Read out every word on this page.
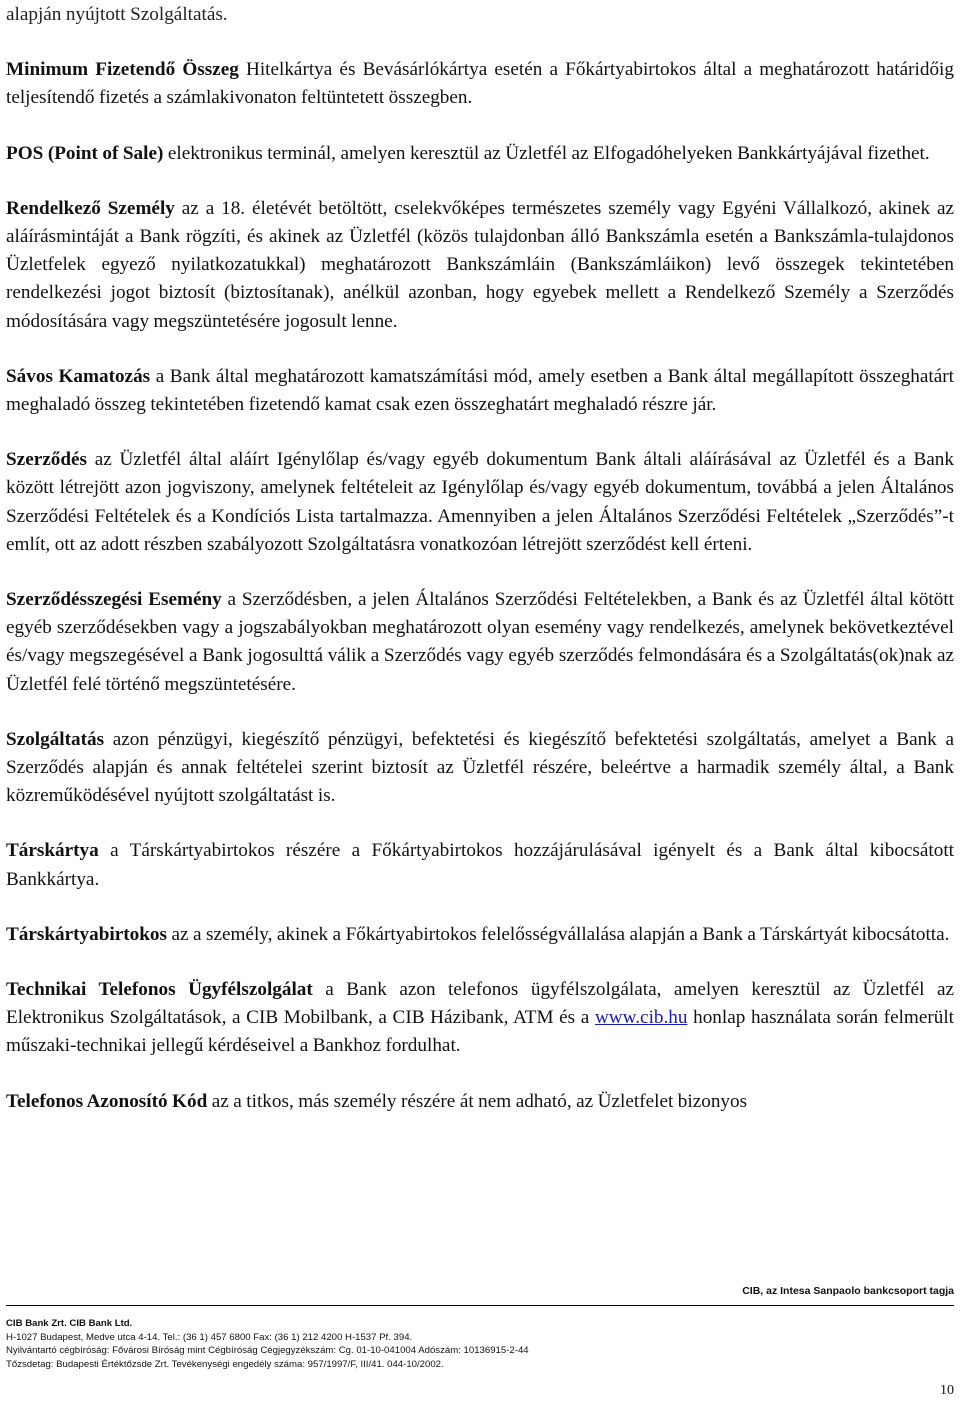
alapján nyújtott Szolgáltatás.

Minimum Fizetendő Összeg Hitelkártya és Bevásárlókártya esetén a Főkártyabirtokos által a meghatározott határidőig teljesítendő fizetés a számlakivonaton feltüntetett összegben.

POS (Point of Sale) elektronikus terminál, amelyen keresztül az Üzletfél az Elfogadóhelyeken Bankkártyájával fizethet.

Rendelkező Személy az a 18. életévét betöltött, cselekvőképes természetes személy vagy Egyéni Vállalkozó, akinek az aláírásmintáját a Bank rögzíti, és akinek az Üzletfél (közös tulajdonban álló Bankszámla esetén a Bankszámla-tulajdonos Üzletfelek egyező nyilatkozatukkal) meghatározott Bankszámláin (Bankszámláikon) levő összegek tekintetében rendelkezési jogot biztosít (biztosítanak), anélkül azonban, hogy egyebek mellett a Rendelkező Személy a Szerződés módosítására vagy megszüntetésére jogosult lenne.

Sávos Kamatozás a Bank által meghatározott kamatszámítási mód, amely esetben a Bank által megállapított összeghatárt meghaladó összeg tekintetében fizetendő kamat csak ezen összeghatárt meghaladó részre jár.

Szerződés az Üzletfél által aláírt Igénylőlap és/vagy egyéb dokumentum Bank általi aláírásával az Üzletfél és a Bank között létrejött azon jogviszony, amelynek feltételeit az Igénylőlap és/vagy egyéb dokumentum, továbbá a jelen Általános Szerződési Feltételek és a Kondíciós Lista tartalmazza. Amennyiben a jelen Általános Szerződési Feltételek „Szerződés”-t említ, ott az adott részben szabályozott Szolgáltatásra vonatkozóan létrejött szerződést kell érteni.

Szerződésszegési Esemény a Szerződésben, a jelen Általános Szerződési Feltételekben, a Bank és az Üzletfél által kötött egyéb szerződésekben vagy a jogszabályokban meghatározott olyan esemény vagy rendelkezés, amelynek bekövetkeztével és/vagy megszegésével a Bank jogosulttá válik a Szerződés vagy egyéb szerződés felmondására és a Szolgáltatás(ok)nak az Üzletfél felé történő megszüntetésére.

Szolgáltatás azon pénzügyi, kiegészítő pénzügyi, befektetési és kiegészítő befektetési szolgáltatás, amelyet a Bank a Szerződés alapján és annak feltételei szerint biztosít az Üzletfél részére, beleértve a harmadik személy által, a Bank közreműködésével nyújtott szolgáltatást is.

Társkártya a Társkártyabirtokos részére a Főkártyabirtokos hozzájárulásával igényelt és a Bank által kibocsátott Bankkártya.

Társkártyabirtokos az a személy, akinek a Főkártyabirtokos felelősségvállalása alapján a Bank a Társkártyát kibocsátotta.

Technikai Telefonos Ügyfélszolgálat a Bank azon telefonos ügyfélszolgálata, amelyen keresztül az Üzletfél az Elektronikus Szolgáltatások, a CIB Mobilbank, a CIB Házibank, ATM és a www.cib.hu honlap használata során felmerült műszaki-technikai jellegű kérdéseivel a Bankhoz fordulhat.

Telefonos Azonosító Kód az a titkos, más személy részére át nem adható, az Üzletfelet bizonyos

CIB, az Intesa Sanpaolo bankcsoport tagja
CIB Bank Zrt. CIB Bank Ltd.
H-1027 Budapest, Medve utca 4-14. Tel.: (36 1) 457 6800 Fax: (36 1) 212 4200 H-1537 Pf. 394.
Nyilvántartó cégbíróság: Fővárosi Bíróság mint Cégbíróság Cégjegyzékszám: Cg. 01-10-041004 Adószám: 10136915-2-44
Tőzsdetag: Budapesti Értéktőzsde Zrt. Tevékenységi engedély száma: 957/1997/F, III/41. 044-10/2002.
10
